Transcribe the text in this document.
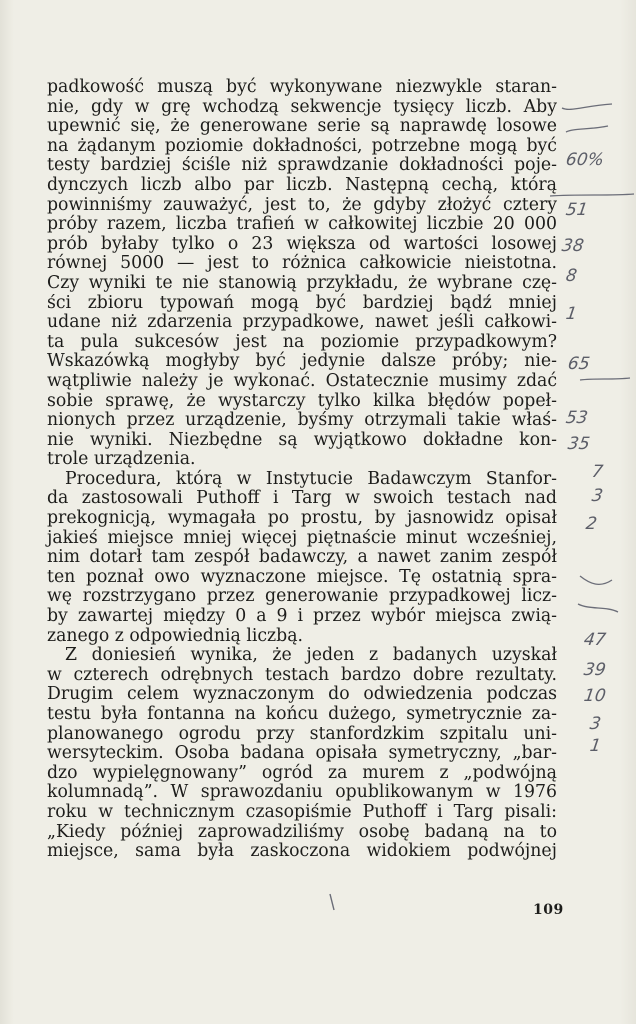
padkowość muszą być wykonywane niezwykle staran-
nie, gdy w grę wchodzą sekwencje tysięcy liczb. Aby
upewnić się, że generowane serie są naprawdę losowe
na żądanym poziomie dokładności, potrzebne mogą być
testy bardziej ściśle niż sprawdzanie dokładności poje-
dynczych liczb albo par liczb. Następną cechą, którą
powinniśmy zauważyć, jest to, że gdyby złożyć cztery
próby razem, liczba trafień w całkowitej liczbie 20 000
prób byłaby tylko o 23 większa od wartości losowej
równej 5000 — jest to różnica całkowicie nieistotna.
Czy wyniki te nie stanowią przykładu, że wybrane czę-
ści zbioru typowań mogą być bardziej bądź mniej
udane niż zdarzenia przypadkowe, nawet jeśli całkowi-
ta pula sukcesów jest na poziomie przypadkowym?
Wskazówką mogłyby być jedynie dalsze próby; nie-
wątpliwie należy je wykonać. Ostatecznie musimy zdać
sobie sprawę, że wystarczy tylko kilka błędów popeł-
nionych przez urządzenie, byśmy otrzymali takie właś-
nie wyniki. Niezbędne są wyjątkowo dokładne kon-
trole urządzenia.
Procedura, którą w Instytucie Badawczym Stanfor-
da zastosowali Puthoff i Targ w swoich testach nad
prekognicją, wymagała po prostu, by jasnowidz opisał
jakieś miejsce mniej więcej piętnaście minut wcześniej,
nim dotarł tam zespół badawczy, a nawet zanim zespół
ten poznał owo wyznaczone miejsce. Tę ostatnią spra-
wę rozstrzygano przez generowanie przypadkowej licz-
by zawartej między 0 a 9 i przez wybór miejsca zwią-
zanego z odpowiednią liczbą.
Z doniesień wynika, że jeden z badanych uzyskał
w czterech odrębnych testach bardzo dobre rezultaty.
Drugim celem wyznaczonym do odwiedzenia podczas
testu była fontanna na końcu dużego, symetrycznie za-
planowanego ogrodu przy stanfordzkim szpitalu uni-
wersyteckim. Osoba badana opisała symetryczny, „bar-
dzo wypielęgnowany” ogród za murem z „podwójną
kolumnadą”. W sprawozdaniu opublikowanym w 1976
roku w technicznym czasopiśmie Puthoff i Targ pisali:
„Kiedy później zaprowadziliśmy osobę badaną na to
miejsce, sama była zaskoczona widokiem podwójnej
60%
51
38
8
1
65
53
35
7
3
2
47
39
10
3
1
109
